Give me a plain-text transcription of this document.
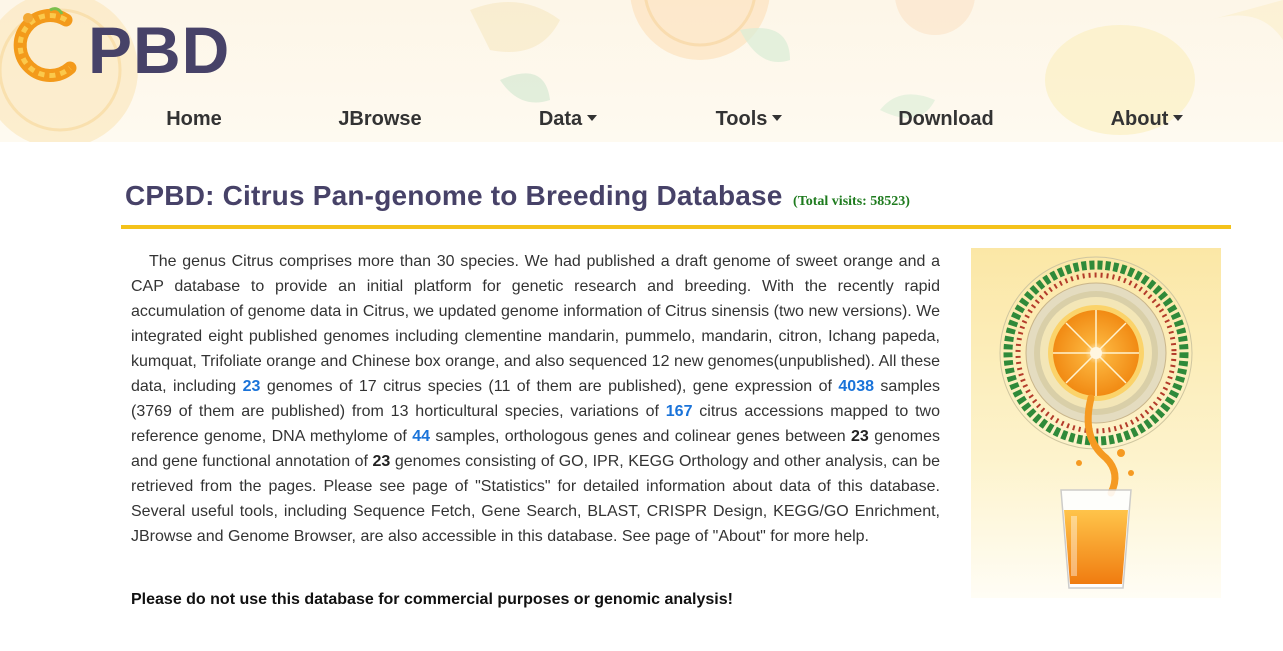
PBD
Home	JBrowse	Data	Tools	Download	About
CPBD: Citrus Pan-genome to Breeding Database (Total visits: 58523)

The genus Citrus comprises more than 30 species. We had published a draft genome of sweet orange and a CAP database to provide an initial platform for genetic research and breeding. With the recently rapid accumulation of genome data in Citrus, we updated genome information of Citrus sinensis (two new versions). We integrated eight published genomes including clementine mandarin, pummelo, mandarin, citron, Ichang papeda, kumquat, Trifoliate orange and Chinese box orange, and also sequenced 12 new genomes(unpublished). All these data, including 23 genomes of 17 citrus species (11 of them are published), gene expression of 4038 samples (3769 of them are published) from 13 horticultural species, variations of 167 citrus accessions mapped to two reference genome, DNA methylome of 44 samples, orthologous genes and colinear genes between 23 genomes and gene functional annotation of 23 genomes consisting of GO, IPR, KEGG Orthology and other analysis, can be retrieved from the pages. Please see page of "Statistics" for detailed information about data of this database. Several useful tools, including Sequence Fetch, Gene Search, BLAST, CRISPR Design, KEGG/GO Enrichment, JBrowse and Genome Browser, are also accessible in this database. See page of "About" for more help.

Please do not use this database for commercial purposes or genomic analysis!
